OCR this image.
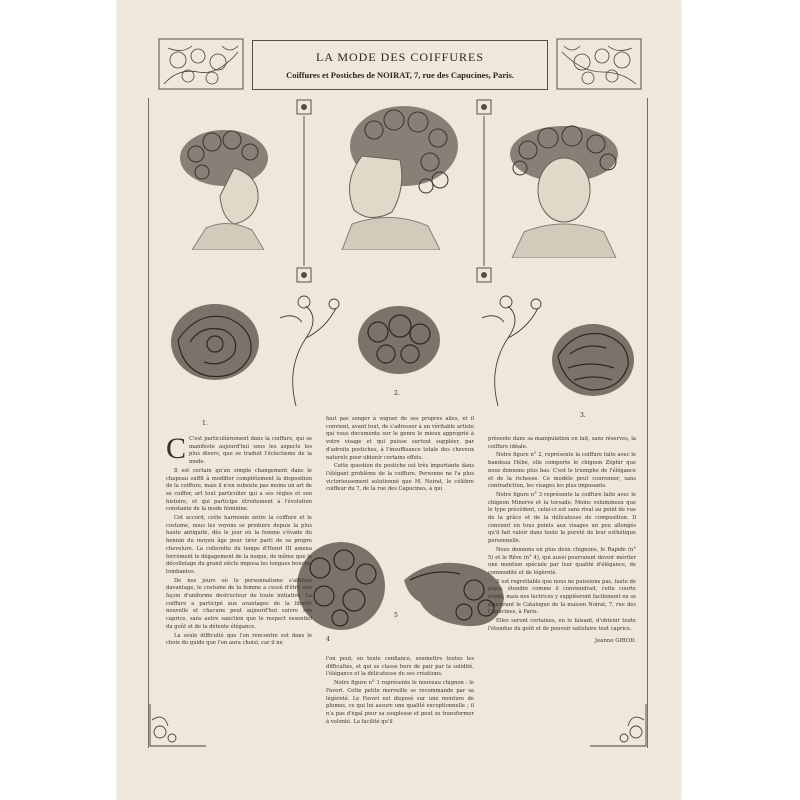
LA MODE DES COIFFURES
Coiffures et Postiches de NOIRAT, 7, rue des Capucines, Paris.
1.
2.
3.
4
5

C C'est particulièrement dans la coiffure, qui se manifeste aujourd'hui sous les aspects les plus divers, que se traduit l'éclectisme de la mode.

Il est certain qu'un simple changement dans le chapeau suffit à modifier complètement la disposition de la coiffure, mais il n'en subsiste pas moins un art de se coiffer, art tout particulier qui a ses règles et son histoire, et qui participe étroitement à l'évolution constante de la mode féminine.

Cet accord, cette harmonie entre la coiffure et le costume, nous les voyons se produire depuis la plus haute antiquité, dès le jour où la femme s'évade du hennin du moyen âge pour tirer parti de sa propre chevelure. La collerette du temps d'Henri III amena forcément le dégagement de la nuque, de même que le décolletage du grand siècle imposa les longues boucles tombantes.

De nos jours où le personnalisme s'affirme davantage, le costume de la femme a cessé d'être une façon d'uniforme destructeur de toute initiative. La coiffure a participé aux avantages de la liberté nouvelle et chacune peut aujourd'hui suivre son caprice, sans autre sanction que le respect essentiel du goût et de la détente élégance.

La seule difficulté que l'on rencontre est dans le choix du guide que l'on aura choisi, car il ne

faut pas songer à voguer de ses propres ailes, et il convient, avant tout, de s'adresser à un véritable artiste qui vous documente sur le genre le mieux approprié à votre visage et qui puisse surtout suppléer, par d'adroits postiches, à l'insuffisance totale des cheveux naturels pour obtenir certains effets.

Cette question du postiche est très importante dans l'élégant problème de la coiffure. Personne ne l'a plus victorieusement solutionné que M. Noirat, le célèbre coiffeur du 7, de la rue des Capucines, à qui

l'on peut, en toute confiance, soumettre toutes les difficultés, et qui se classe hors de pair par la solidité, l'élégance et la délicatesse de ses créations.

Notre figure n° 1 représente le nouveau chignon : le Favori. Cette petite merveille se recommande par sa légèreté. Le Favori est disposé sur une monture de plumes, ce qui lui assure une qualité exceptionnelle ; il n'a pas d'égal pour sa souplesse et peut se transformer à volonté. La facilité qu'il

présente dans sa manipulation en fait, sans réserves, la coiffure idéale.

Notre figure n° 2, représente la coiffure faite avec le bandeau Hébé, elle comporte le chignon Zéphir que nous donnons plus bas. C'est le triomphe de l'élégance et de la richesse. Ce modèle peut couronner, sans contradiction, les visages les plus imposants.

Notre figure n° 3 représente la coiffure faite avec le chignon Minerve et la torsade. Moins volumineux que le type précédent, celui-ci est sans rival au point de vue de la grâce et de la délicatesse de composition. Il convient en tous points aux visages un peu allongés qu'il fait valoir dans toute la pureté de leur esthétique personnelle.

Nous donnons en plus deux chignons, le Rapide (n° 5) et le Rêve (n° 4), qui aussi pourraient devoir mériter une mention spéciale par leur qualité d'élégance, de commodité et de légèreté.

Il est regrettable que nous ne puissions pas, faute de place, étendre comme il conviendrait, cette courte étude, mais nos lectrices y suppléeront facilement en se procurant le Catalogue de la maison Noirat, 7, rue des Capucines, à Paris.

Elles seront certaines, en le faisant, d'obtenir toute l'étendue du goût et de pouvoir satisfaire tout caprice.

Jeanne GIROD.
